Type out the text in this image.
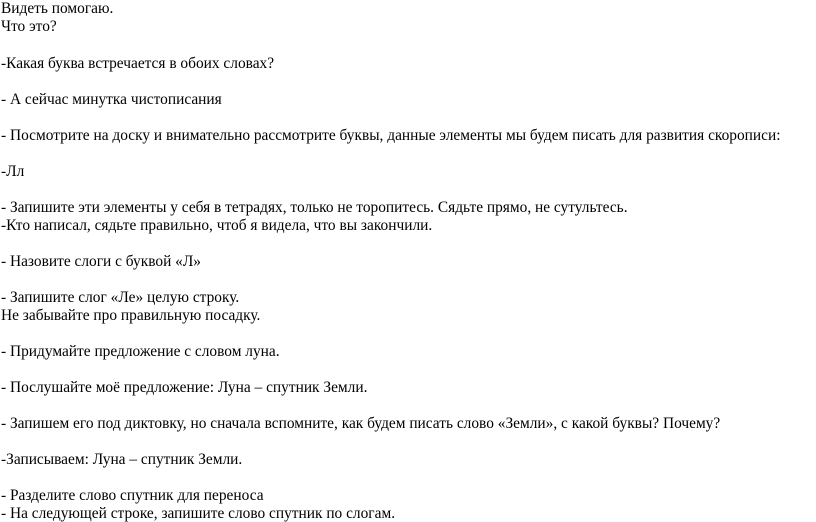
Видеть помогаю.
Что это?
-Какая буква встречается в обоих словах?
- А сейчас минутка чистописания
- Посмотрите на доску и внимательно рассмотрите буквы, данные элементы мы будем писать для развития скорописи:
-Лл
- Запишите эти элементы у себя в тетрадях, только не торопитесь. Сядьте прямо, не сутультесь.
-Кто написал, сядьте правильно, чтоб я видела, что вы закончили.
- Назовите слоги с буквой «Л»
- Запишите слог «Ле» целую строку.
Не забывайте про правильную посадку.
- Придумайте предложение с словом луна.
- Послушайте моё предложение: Луна – спутник Земли.
- Запишем его под диктовку, но сначала вспомните, как будем писать слово «Земли», с какой буквы? Почему?
-Записываем: Луна – спутник Земли.
- Разделите слово спутник для переноса
- На следующей строке, запишите слово спутник по слогам.
